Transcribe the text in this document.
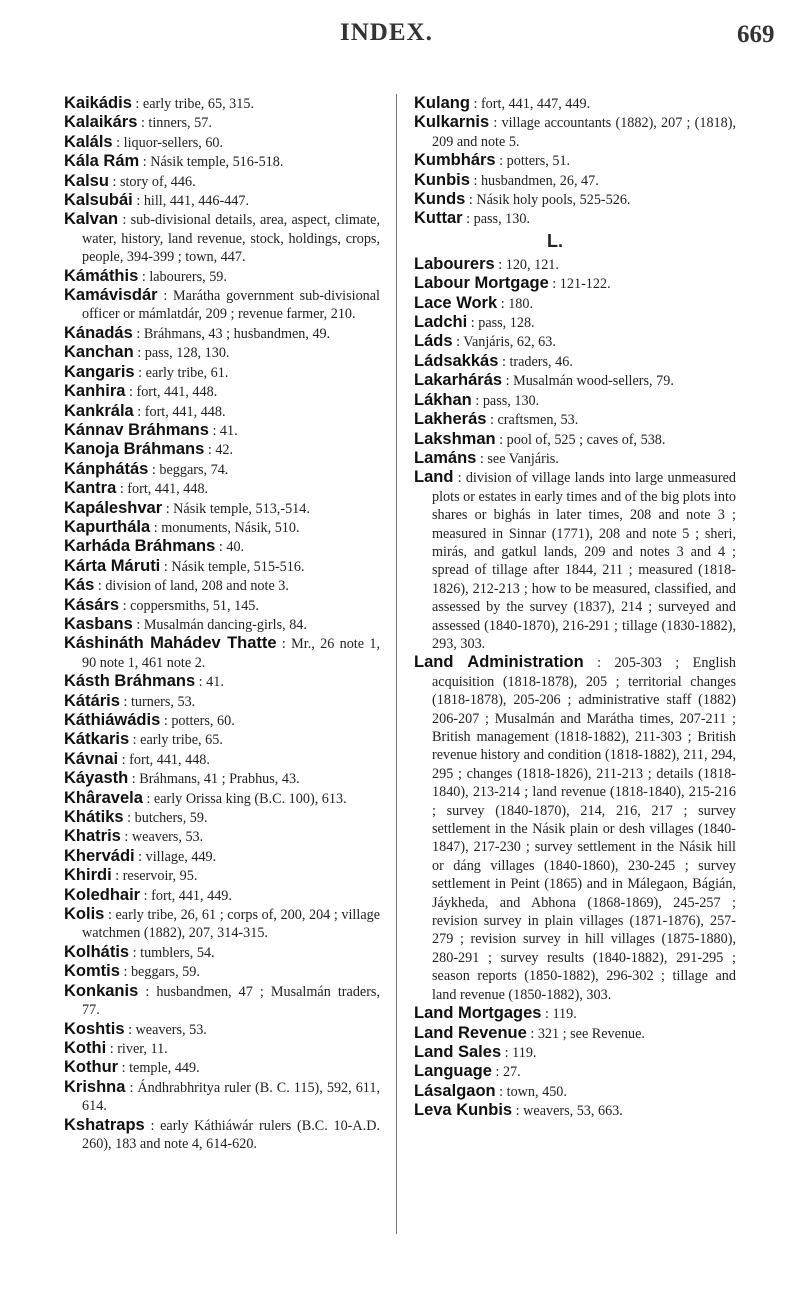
INDEX.	669

Kaikádis : early tribe, 65, 315.

Kalaikárs : tinners, 57.

Kaláls : liquor-sellers, 60.

Kála Rám : Násik temple, 516-518.

Kalsu : story of, 446.

Kalsubái : hill, 441, 446-447.

Kalvan : sub-divisional details, area, aspect, climate, water, history, land revenue, stock, holdings, crops, people, 394-399 ; town, 447.

Kámáthis : labourers, 59.

Kamávisdár : Marátha government sub-divisional officer or mámlatdár, 209 ; revenue farmer, 210.

Kánadás : Bráhmans, 43 ; husbandmen, 49.

Kanchan : pass, 128, 130.

Kangaris : early tribe, 61.

Kanhira : fort, 441, 448.

Kankrála : fort, 441, 448.

Kánnav Bráhmans : 41.

Kanoja Bráhmans : 42.

Kánphátás : beggars, 74.

Kantra : fort, 441, 448.

Kapáleshvar : Násik temple, 513,-514.

Kapurthála : monuments, Násik, 510.

Karháda Bráhmans : 40.

Kárta Máruti : Násik temple, 515-516.

Kás : division of land, 208 and note 3.

Kásárs : coppersmiths, 51, 145.

Kasbans : Musalmán dancing-girls, 84.

Káshináth Mahádev Thatte : Mr., 26 note 1, 90 note 1, 461 note 2.

Kásth Bráhmans : 41.

Kátáris : turners, 53.

Káthiáwádis : potters, 60.

Kátkaris : early tribe, 65.

Kávnai : fort, 441, 448.

Káyasth : Bráhmans, 41 ; Prabhus, 43.

Khâravela : early Orissa king (B.C. 100), 613.

Khátiks : butchers, 59.

Khatris : weavers, 53.

Khervádi : village, 449.

Khirdi : reservoir, 95.

Koledhair : fort, 441, 449.

Kolis : early tribe, 26, 61 ; corps of, 200, 204 ; village watchmen (1882), 207, 314-315.

Kolhátis : tumblers, 54.

Komtis : beggars, 59.

Konkanis : husbandmen, 47 ; Musalmán traders, 77.

Koshtis : weavers, 53.

Kothi : river, 11.

Kothur : temple, 449.

Krishna : Ándhrabhritya ruler (B. C. 115), 592, 611, 614.

Kshatraps : early Káthiáwár rulers (B.C. 10-A.D. 260), 183 and note 4, 614-620.

Kulang : fort, 441, 447, 449.

Kulkarnis : village accountants (1882), 207 ; (1818), 209 and note 5.

Kumbhárs : potters, 51.

Kunbis : husbandmen, 26, 47.

Kunds : Násik holy pools, 525-526.

Kuttar : pass, 130.

L.

Labourers : 120, 121.

Labour Mortgage : 121-122.

Lace Work : 180.

Ladchi : pass, 128.

Láds : Vanjáris, 62, 63.

Ládsakkás : traders, 46.

Lakarhárás : Musalmán wood-sellers, 79.

Lákhan : pass, 130.

Lakherás : craftsmen, 53.

Lakshman : pool of, 525 ; caves of, 538.

Lamáns : see Vanjáris.

Land : division of village lands into large unmeasured plots or estates in early times and of the big plots into shares or bighás in later times, 208 and note 3 ; measured in Sinnar (1771), 208 and note 5 ; sheri, mirás, and gatkul lands, 209 and notes 3 and 4 ; spread of tillage after 1844, 211 ; measured (1818-1826), 212-213 ; how to be measured, classified, and assessed by the survey (1837), 214 ; surveyed and assessed (1840-1870), 216-291 ; tillage (1830-1882), 293, 303.

Land Administration : 205-303 ; English acquisition (1818-1878), 205 ; territorial changes (1818-1878), 205-206 ; administrative staff (1882) 206-207 ; Musalmán and Marátha times, 207-211 ; British management (1818-1882), 211-303 ; British revenue history and condition (1818-1882), 211, 294, 295 ; changes (1818-1826), 211-213 ; details (1818-1840), 213-214 ; land revenue (1818-1840), 215-216 ; survey (1840-1870), 214, 216, 217 ; survey settlement in the Násik plain or desh villages (1840-1847), 217-230 ; survey settlement in the Násik hill or dáng villages (1840-1860), 230-245 ; survey settlement in Peint (1865) and in Málegaon, Bágián, Jáykheda, and Abhona (1868-1869), 245-257 ; revision survey in plain villages (1871-1876), 257-279 ; revision survey in hill villages (1875-1880), 280-291 ; survey results (1840-1882), 291-295 ; season reports (1850-1882), 296-302 ; tillage and land revenue (1850-1882), 303.

Land Mortgages : 119.

Land Revenue : 321 ; see Revenue.

Land Sales : 119.

Language : 27.

Lásalgaon : town, 450.

Leva Kunbis : weavers, 53, 663.
